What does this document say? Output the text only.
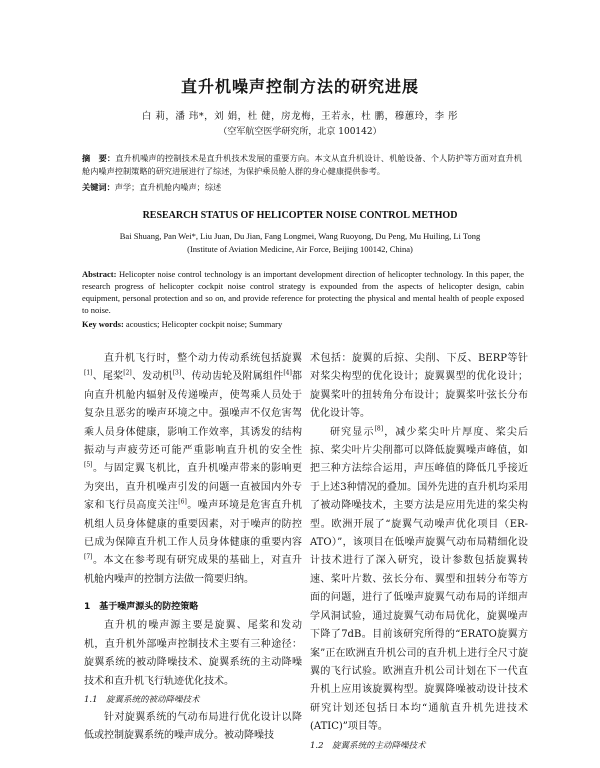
直升机噪声控制方法的研究进展
白 莉，潘 玮*，刘 娟，杜 健，房龙梅，王若永，杜 鹏，穆蕙玲，李 彤
（空军航空医学研究所，北京 100142）
摘　要：直升机噪声的控制技术是直升机技术发展的重要方向。本文从直升机设计、机舱设备、个人防护等方面对直升机舱内噪声控制策略的研究进展进行了综述，为保护乘员舱人群的身心健康提供参考。
关键词：声学；直升机舱内噪声；综述
RESEARCH STATUS OF HELICOPTER NOISE CONTROL METHOD
Bai Shuang, Pan Wei*, Liu Juan, Du Jian, Fang Longmei, Wang Ruoyong, Du Peng, Mu Huiling, Li Tong
(Institute of Aviation Medicine, Air Force, Beijing 100142, China)
Abstract: Helicopter noise control technology is an important development direction of helicopter technology. In this paper, the research progress of helicopter cockpit noise control strategy is expounded from the aspects of helicopter design, cabin equipment, personal protection and so on, and provide reference for protecting the physical and mental health of people exposed to noise.
Key words: acoustics; Helicopter cockpit noise; Summary

直升机飞行时，整个动力传动系统包括旋翼[1]、尾桨[2]、发动机[3]、传动齿轮及附属组件[4]都向直升机舱内辐射及传递噪声，使驾乘人员处于复杂且恶劣的噪声环境之中。强噪声不仅危害驾乘人员身体健康，影响工作效率，其诱发的结构振动与声疲劳还可能严重影响直升机的安全性[5]。与固定翼飞机比，直升机噪声带来的影响更为突出，直升机噪声引发的问题一直被国内外专家和飞行员高度关注[6]。噪声环境是危害直升机机组人员身体健康的重要因素，对于噪声的防控已成为保障直升机工作人员身体健康的重要内容[7]。本文在参考现有研究成果的基础上，对直升机舱内噪声的控制方法做一简要归纳。

1　基于噪声源头的防控策略

直升机的噪声源主要是旋翼、尾桨和发动机，直升机外部噪声控制技术主要有三种途径：旋翼系统的被动降噪技术、旋翼系统的主动降噪技术和直升机飞行轨迹优化技术。

1.1　旋翼系统的被动降噪技术

针对旋翼系统的气动布局进行优化设计以降低或控制旋翼系统的噪声成分。被动降噪技

术包括：旋翼的后掠、尖削、下反、BERP等针对桨尖构型的优化设计；旋翼翼型的优化设计；旋翼桨叶的扭转角分布设计；旋翼桨叶弦长分布优化设计等。

研究显示[8]，减少桨尖叶片厚度、桨尖后掠、桨尖叶片尖削都可以降低旋翼噪声峰值，如把三种方法综合运用，声压峰值的降低几乎接近于上述3种情况的叠加。国外先进的直升机均采用了被动降噪技术，主要方法是应用先进的桨尖构型。欧洲开展了“旋翼气动噪声优化项目（ER-ATO）”，该项目在低噪声旋翼气动布局精细化设计技术进行了深入研究，设计参数包括旋翼转速、桨叶片数、弦长分布、翼型和扭转分布等方面的问题，进行了低噪声旋翼气动布局的详细声学风洞试验，通过旋翼气动布局优化，旋翼噪声下降了7dB。目前该研究所得的“ERATO旋翼方案”正在欧洲直升机公司的直升机上进行全尺寸旋翼的飞行试验。欧洲直升机公司计划在下一代直升机上应用该旋翼构型。旋翼降噪被动设计技术研究计划还包括日本均“通航直升机先进技术(ATIC)”项目等。

1.2　旋翼系统的主动降噪技术
